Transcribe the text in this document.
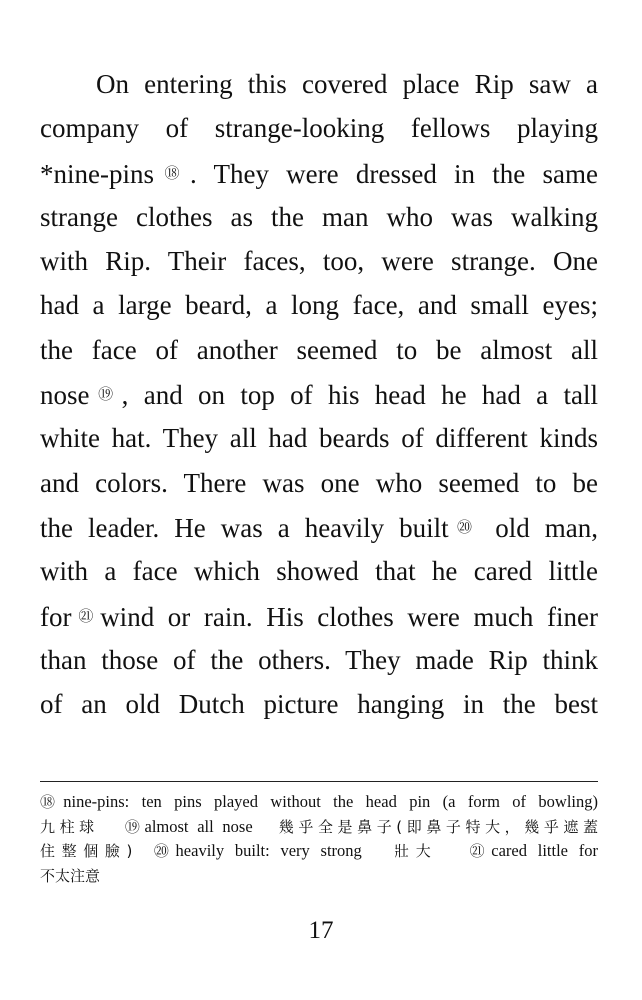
On entering this covered place Rip saw a
company of strange-looking fellows playing
*nine-pins⑱. They were dressed in the same
strange clothes as the man who was walking
with Rip. Their faces, too, were strange. One
had a large beard, a long face, and small eyes;
the face of another seemed to be almost all
nose⑲, and on top of his head he had a tall
white hat. They all had beards of different kinds
and colors. There was one who seemed to be
the leader. He was a heavily built⑳ old man,
with a face which showed that he cared little
for㉑wind or rain. His clothes were much finer
than those of the others. They made Rip think
of an old Dutch picture hanging in the best
⑱nine-pins: ten pins played without the head pin (a form of bowling)
九柱球 ⑲almost all nose 幾乎全是鼻子(即鼻子特大，幾乎遮蓋
住整個臉) ⑳heavily built: very strong 壯大 ㉑cared little for
不太注意
17
